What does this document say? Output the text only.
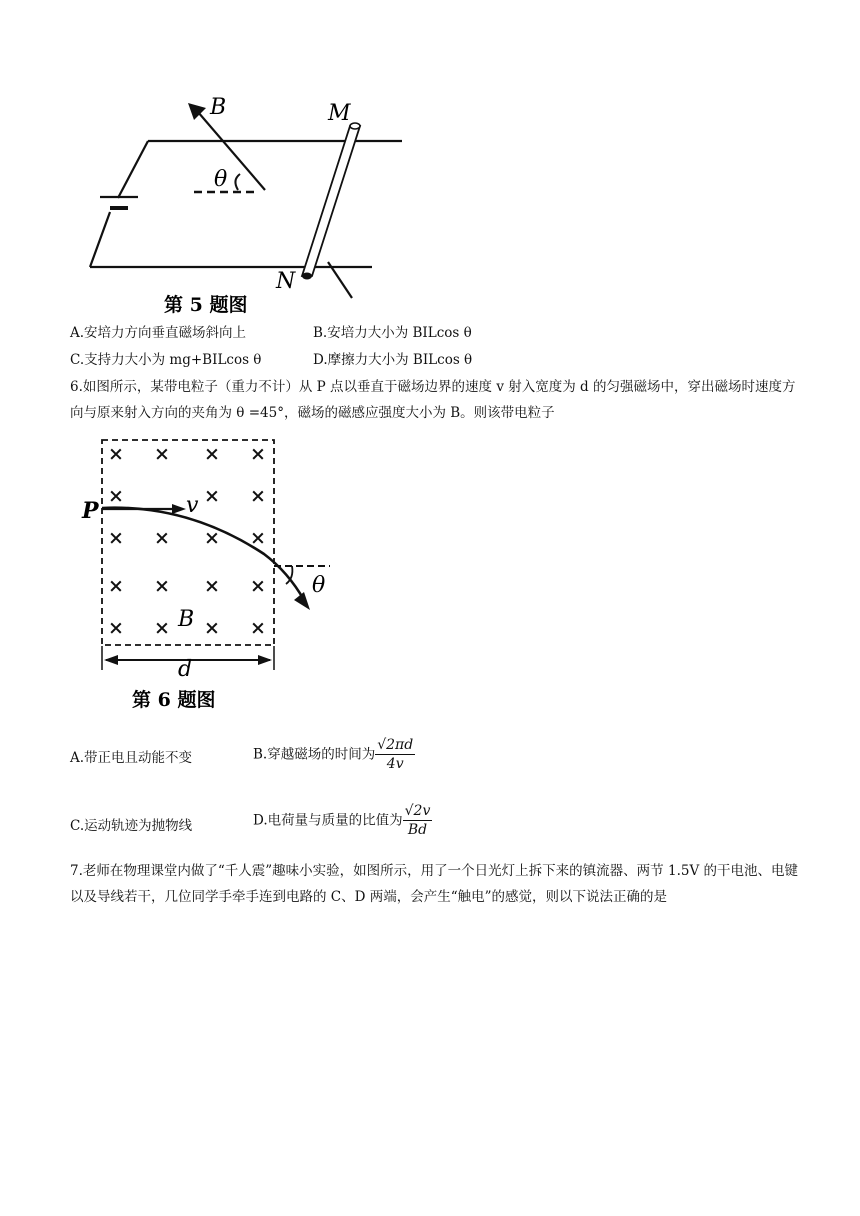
B	M
N
θ
第 5 题图
A.安培力方向垂直磁场斜向上	B.安培力大小为 BILcos θ
C.支持力大小为 mg+BILcos θ	D.摩擦力大小为 BILcos θ
6.如图所示，某带电粒子（重力不计）从 P 点以垂直于磁场边界的速度 v 射入宽度为 d 的匀强磁场中，穿出磁场时速度方向与原来射入方向的夹角为 θ =45°，磁场的磁感应强度大小为 B。则该带电粒子
× × × ×
×	× ×
× × × ×
× × × ×
× × × ×
P	v
B
d
θ
第 6 题图
A.带正电且动能不变	B.穿越磁场的时间为 $\frac{√2\pi d}{4v}$
C.运动轨迹为抛物线	D.电荷量与质量的比值为 $\frac{√2v}{Bd}$
7.老师在物理课堂内做了“千人震”趣味小实验，如图所示，用了一个日光灯上拆下来的镇流器、两节 1.5V 的干电池、电键以及导线若干，几位同学手牵手连到电路的 C、D 两端，会产生“触电”的感觉，则以下说法正确的是
